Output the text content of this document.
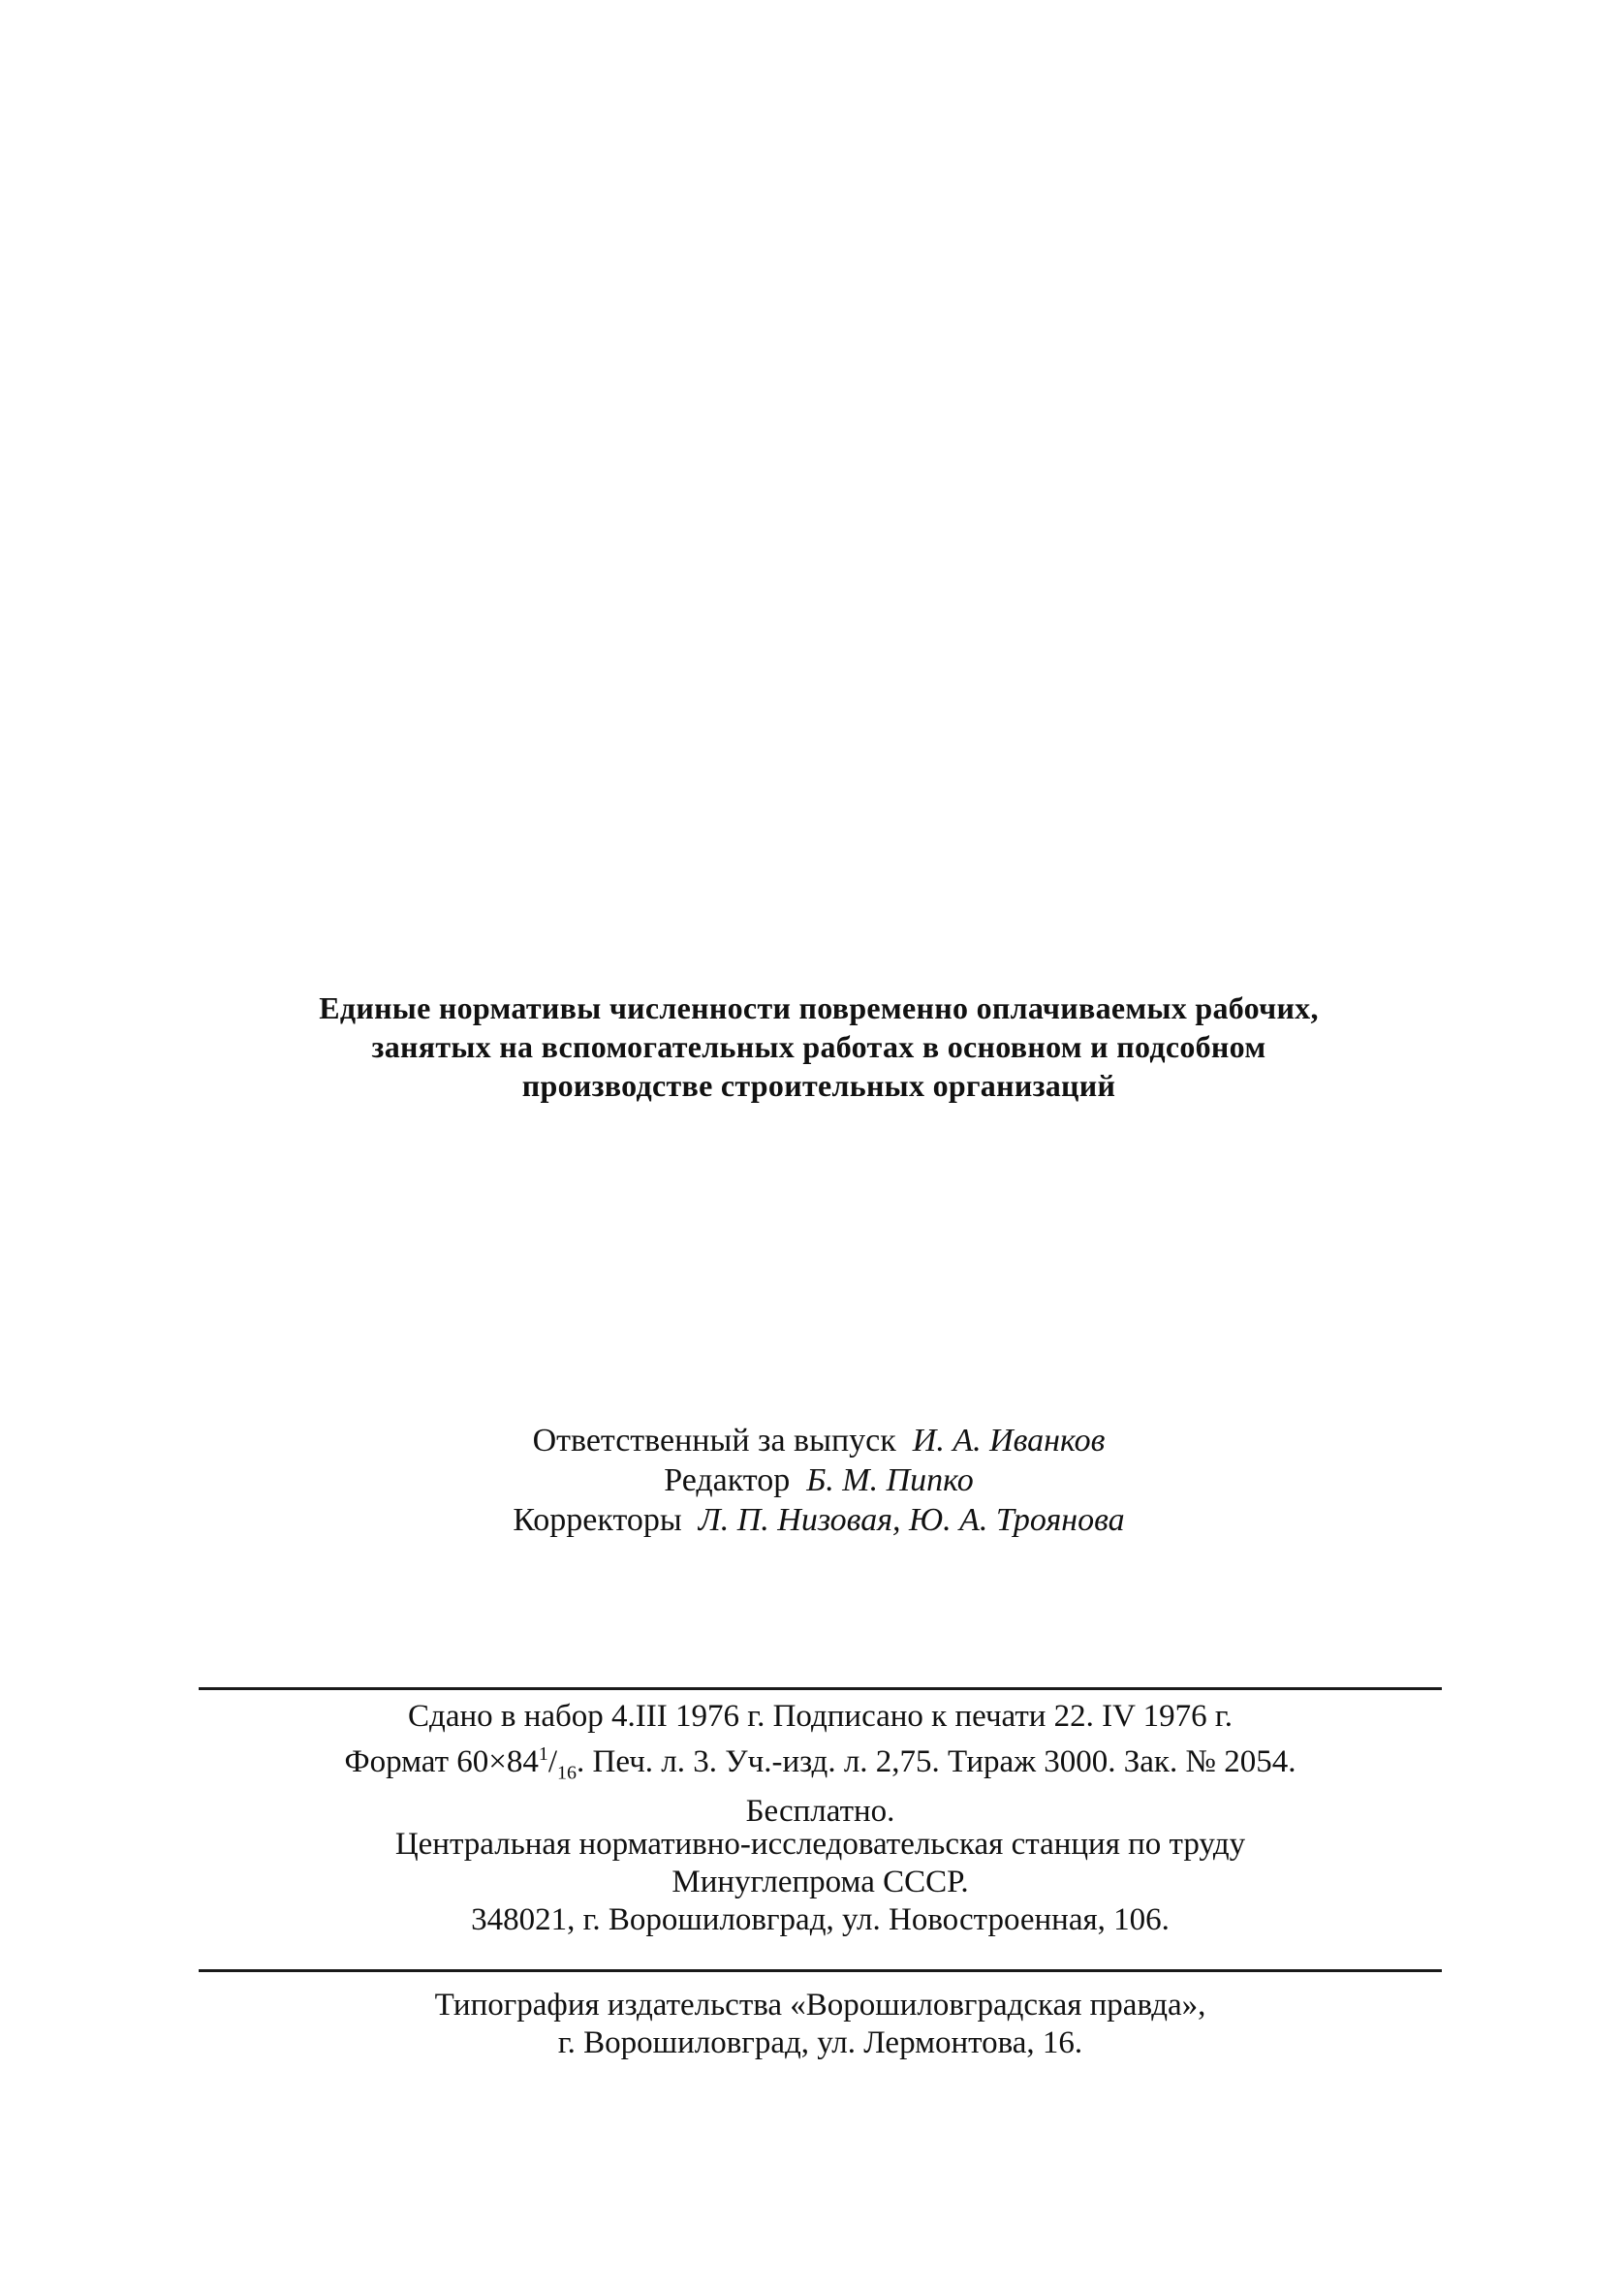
Единые нормативы численности повременно оплачиваемых рабочих,
занятых на вспомогательных работах в основном и подсобном
производстве строительных организаций
Ответственный за выпуск И. А. Иванков
Редактор Б. М. Пипко
Корректоры Л. П. Низовая, Ю. А. Троянова
Сдано в набор 4.III 1976 г. Подписано к печати 22. IV 1976 г.
Формат $60\times 84^1/_{16}$. Печ. л. 3. Уч.-изд. л. 2,75. Тираж 3000. Зак. № 2054.
Бесплатно.
Центральная нормативно-исследовательская станция по труду
Минуглепрома СССР.
348021, г. Ворошиловград, ул. Новостроенная, 106.
Типография издательства «Ворошиловградская правда»,
г. Ворошиловград, ул. Лермонтова, 16.
